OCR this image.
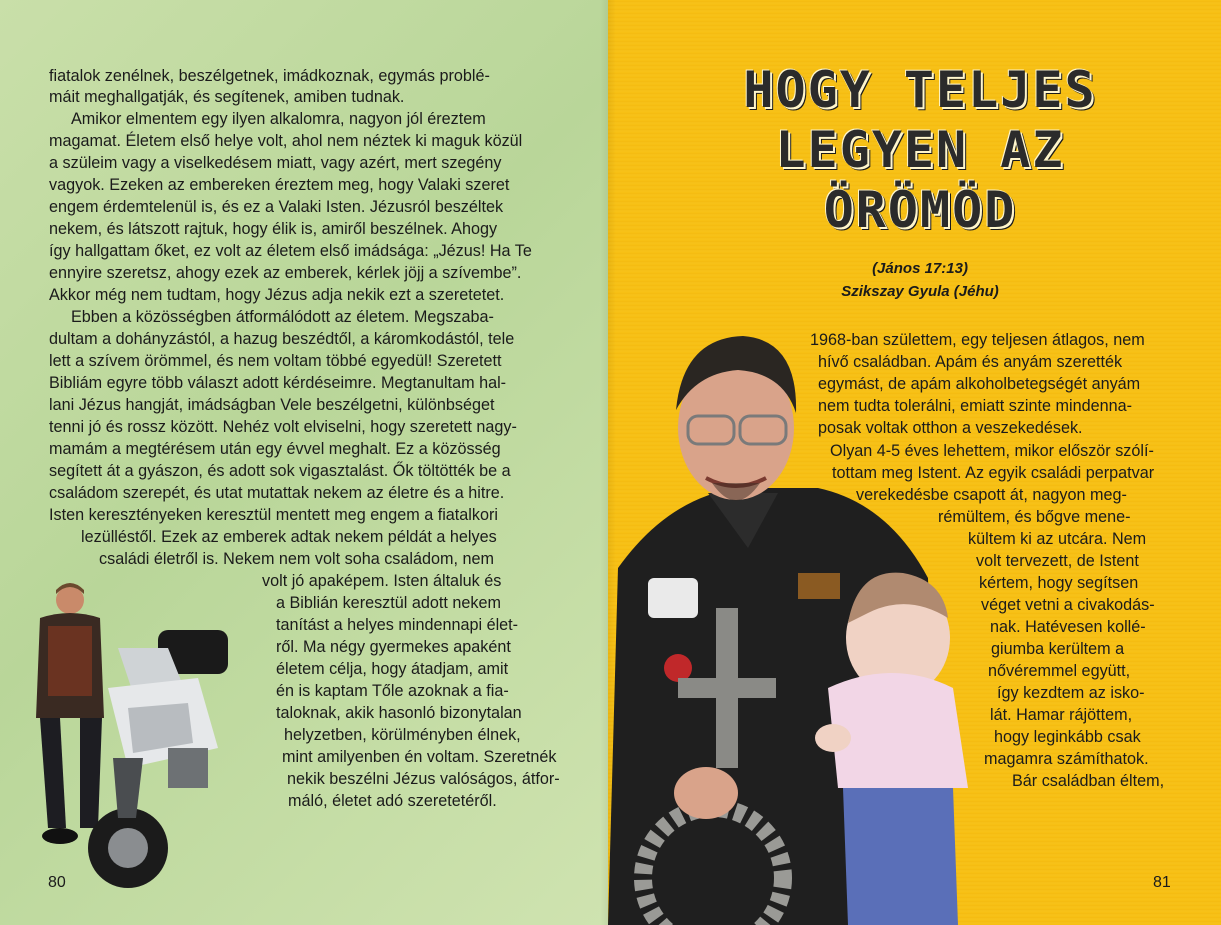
fiatalok zenélnek, beszélgetnek, imádkoznak, egymás problé-
máit meghallgatják, és segítenek, amiben tudnak.
Amikor elmentem egy ilyen alkalomra, nagyon jól éreztem
magamat. Életem első helye volt, ahol nem néztek ki maguk közül
a szüleim vagy a viselkedésem miatt, vagy azért, mert szegény
vagyok. Ezeken az embereken éreztem meg, hogy Valaki szeret
engem érdemtelenül is, és ez a Valaki Isten. Jézusról beszéltek
nekem, és látszott rajtuk, hogy élik is, amiről beszélnek. Ahogy
így hallgattam őket, ez volt az életem első imádsága: „Jézus! Ha Te
ennyire szeretsz, ahogy ezek az emberek, kérlek jöjj a szívembe”.
Akkor még nem tudtam, hogy Jézus adja nekik ezt a szeretetet.
Ebben a közösségben átformálódott az életem. Megszaba-
dultam a dohányzástól, a hazug beszédtől, a káromkodástól, tele
lett a szívem örömmel, és nem voltam többé egyedül! Szeretett
Bibliám egyre több választ adott kérdéseimre. Megtanultam hal-
lani Jézus hangját, imádságban Vele beszélgetni, különbséget
tenni jó és rossz között. Nehéz volt elviselni, hogy szeretett nagy-
mamám a megtérésem után egy évvel meghalt. Ez a közösség
segített át a gyászon, és adott sok vigasztalást. Ők töltötték be a
családom szerepét, és utat mutattak nekem az életre és a hitre.
Isten keresztényeken keresztül mentett meg engem a fiatalkori
lezülléstől. Ezek az emberek adtak nekem példát a helyes
családi életről is. Nekem nem volt soha családom, nem
volt jó apaképem. Isten általuk és
a Biblián keresztül adott nekem
tanítást a helyes mindennapi élet-
ről. Ma négy gyermekes apaként
életem célja, hogy átadjam, amit
én is kaptam Tőle azoknak a fia-
taloknak, akik hasonló bizonytalan
helyzetben, körülményben élnek,
mint amilyenben én voltam. Szeretnék
nekik beszélni Jézus valóságos, átfor-
máló, életet adó szeretetéről.
80
HOGY TELJES
LEGYEN AZ
ÖRÖMÖD
(János 17:13)
Szikszay Gyula (Jéhu)
1968-ban születtem, egy teljesen átlagos, nem
hívő családban. Apám és anyám szerették
egymást, de apám alkoholbetegségét anyám
nem tudta tolerálni, emiatt szinte mindenna-
posak voltak otthon a veszekedések.
Olyan 4-5 éves lehettem, mikor először szólí-
tottam meg Istent. Az egyik családi perpatvar
verekedésbe csapott át, nagyon meg-
rémültem, és bőgve mene-
kültem ki az utcára. Nem
volt tervezett, de Istent
kértem, hogy segítsen
véget vetni a civakodás-
nak. Hatévesen kollé-
giumba kerültem a
nővéremmel együtt,
így kezdtem az isko-
lát. Hamar rájöttem,
hogy leginkább csak
magamra számíthatok.
Bár családban éltem,
81
